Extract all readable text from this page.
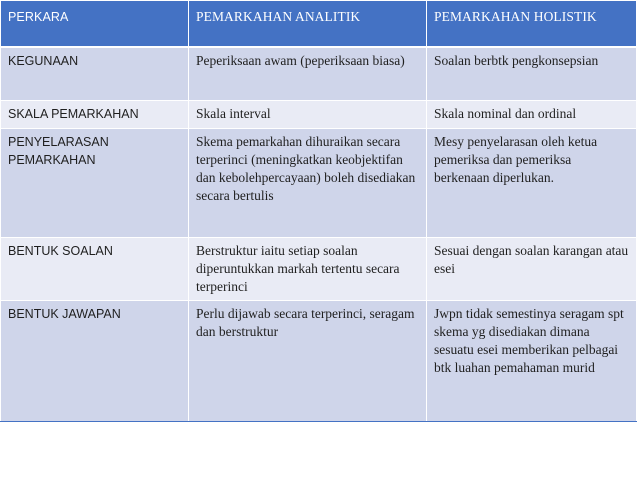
PERKARA	PEMARKAHAN ANALITIK	PEMARKAHAN HOLISTIK
KEGUNAAN	Peperiksaan awam (peperiksaan biasa)	Soalan berbtk pengkonsepsian
SKALA PEMARKAHAN	Skala interval	Skala nominal dan ordinal
PENYELARASAN PEMARKAHAN	Skema pemarkahan dihuraikan secara terperinci (meningkatkan keobjektifan dan kebolehpercayaan) boleh disediakan secara bertulis	Mesy penyelarasan oleh ketua pemeriksa dan pemeriksa berkenaan diperlukan.
BENTUK SOALAN	Berstruktur iaitu setiap soalan diperuntukkan markah tertentu secara terperinci	Sesuai dengan soalan karangan atau esei
BENTUK JAWAPAN	Perlu dijawab secara terperinci, seragam dan berstruktur	Jwpn tidak semestinya seragam spt skema yg disediakan dimana sesuatu esei memberikan pelbagai btk luahan pemahaman murid
